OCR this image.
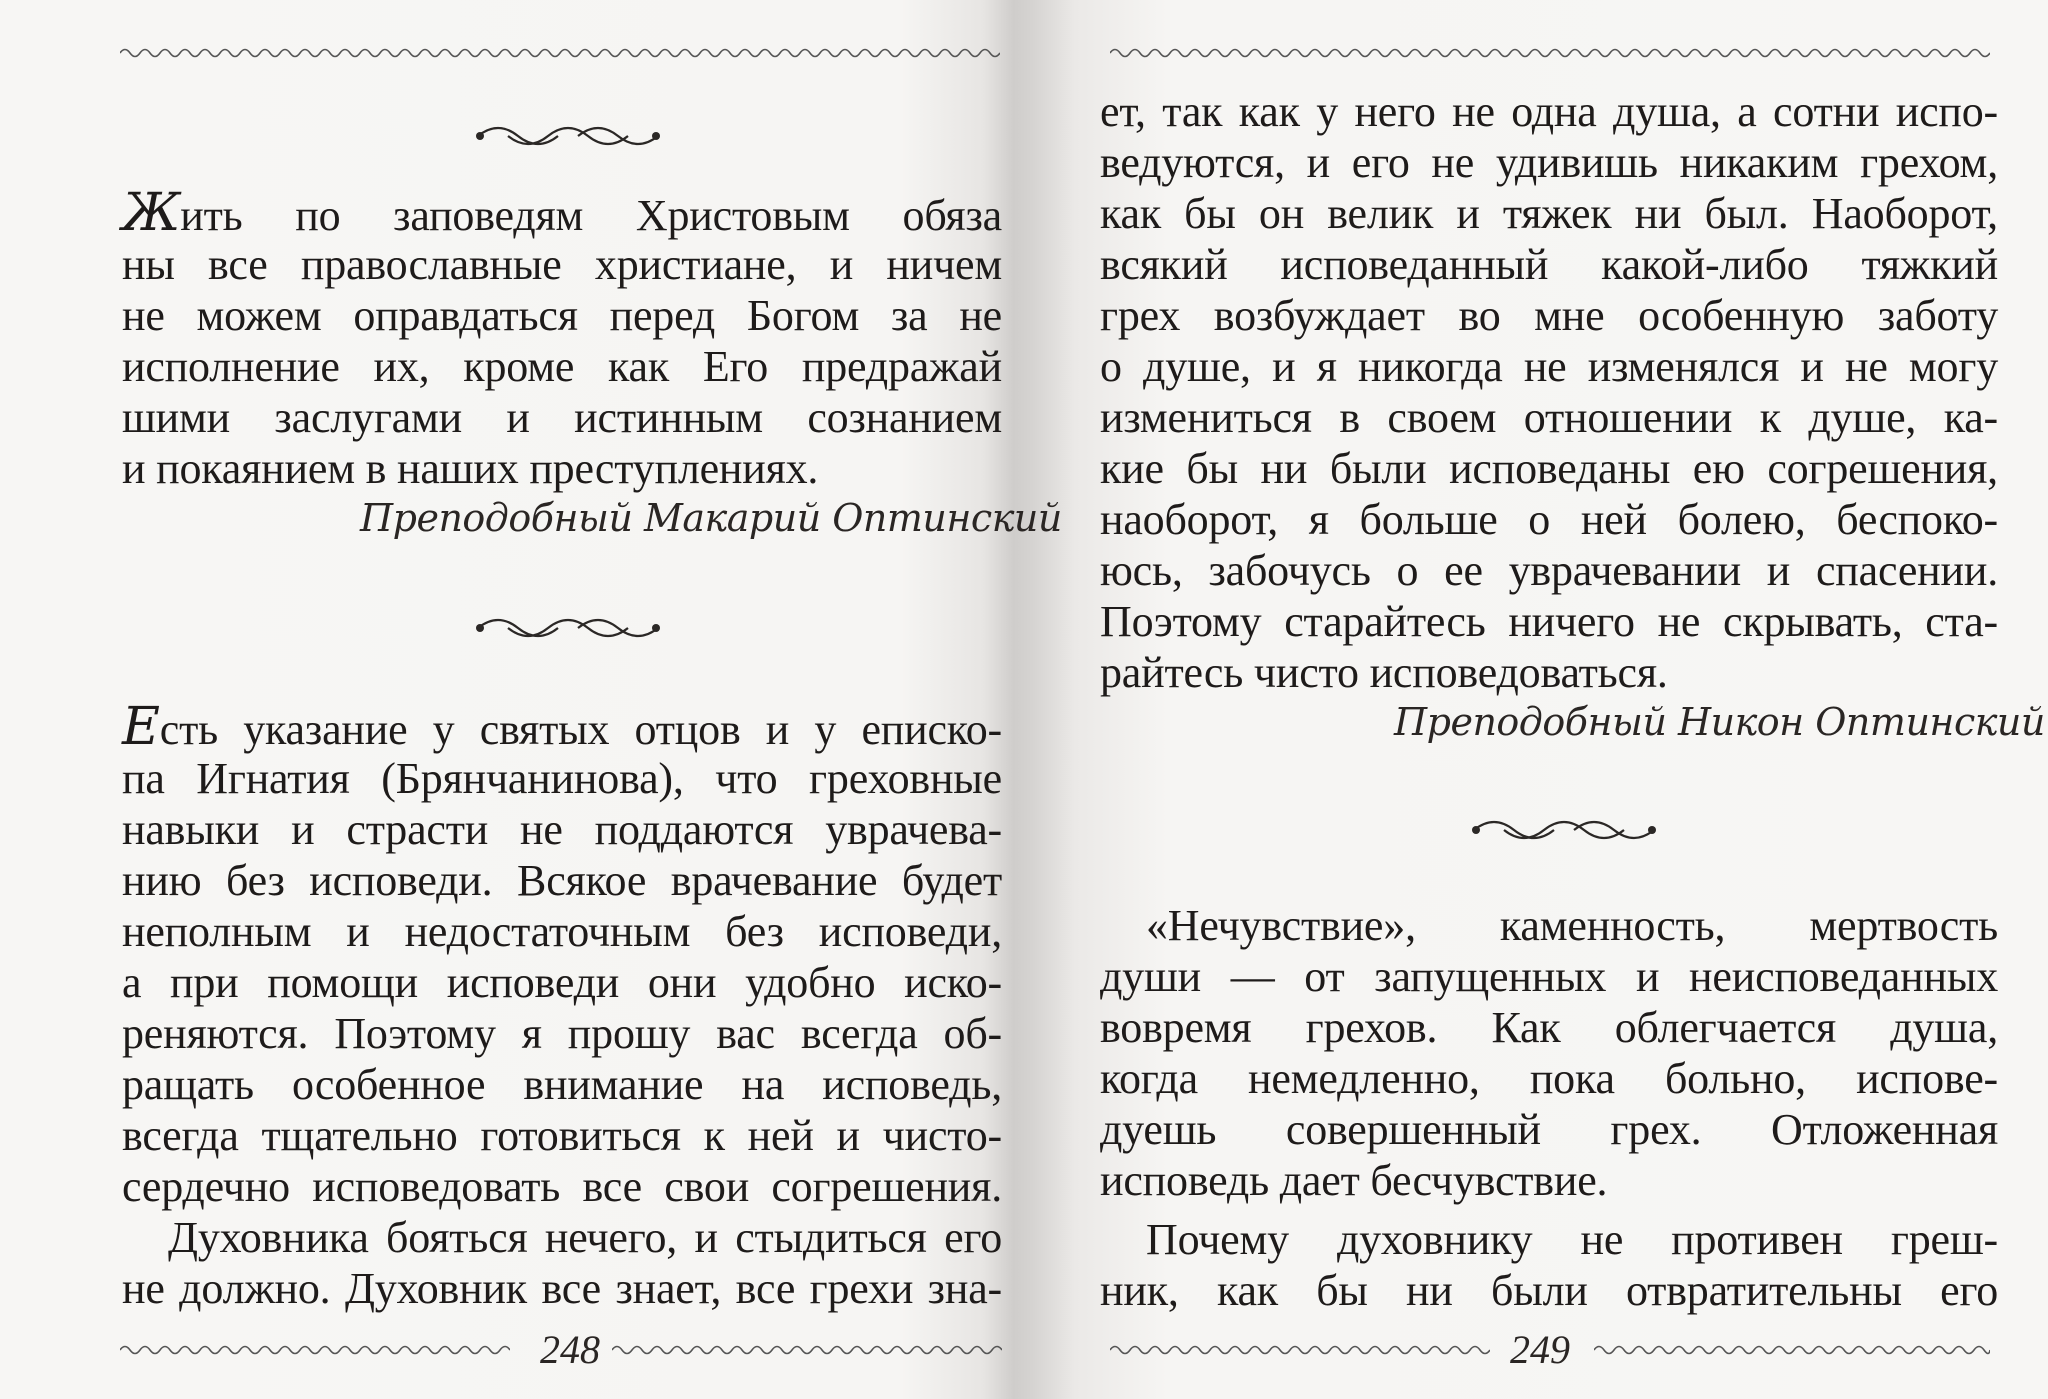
Жить по заповедям Христовым обяза
ны все православные христиане, и ничем
не можем оправдаться перед Богом за не
исполнение их, кроме как Его предражай
шими заслугами и истинным сознанием
и покаянием в наших преступлениях.
Преподобный Макарий Оптинский
Есть указание у святых отцов и у еписко-
па Игнатия (Брянчанинова), что греховные
навыки и страсти не поддаются уврачева-
нию без исповеди. Всякое врачевание будет
неполным и недостаточным без исповеди,
а при помощи исповеди они удобно иско-
реняются. Поэтому я прошу вас всегда об-
ращать особенное внимание на исповедь,
всегда тщательно готовиться к ней и чисто-
сердечно исповедовать все свои согрешения.
Духовника бояться нечего, и стыдиться его
не должно. Духовник все знает, все грехи зна-
248
ет, так как у него не одна душа, а сотни испо-
ведуются, и его не удивишь никаким грехом,
как бы он велик и тяжек ни был. Наоборот,
всякий исповеданный какой-либо тяжкий
грех возбуждает во мне особенную заботу
о душе, и я никогда не изменялся и не могу
измениться в своем отношении к душе, ка-
кие бы ни были исповеданы ею согрешения,
наоборот, я больше о ней болею, беспоко-
юсь, забочусь о ее уврачевании и спасении.
Поэтому старайтесь ничего не скрывать, ста-
райтесь чисто исповедоваться.
Преподобный Никон Оптинский
«Нечувствие», каменность, мертвость
души — от запущенных и неисповеданных
вовремя грехов. Как облегчается душа,
когда немедленно, пока больно, испове-
дуешь совершенный грех. Отложенная
исповедь дает бесчувствие.
Почему духовнику не противен греш-
ник, как бы ни были отвратительны его
249
